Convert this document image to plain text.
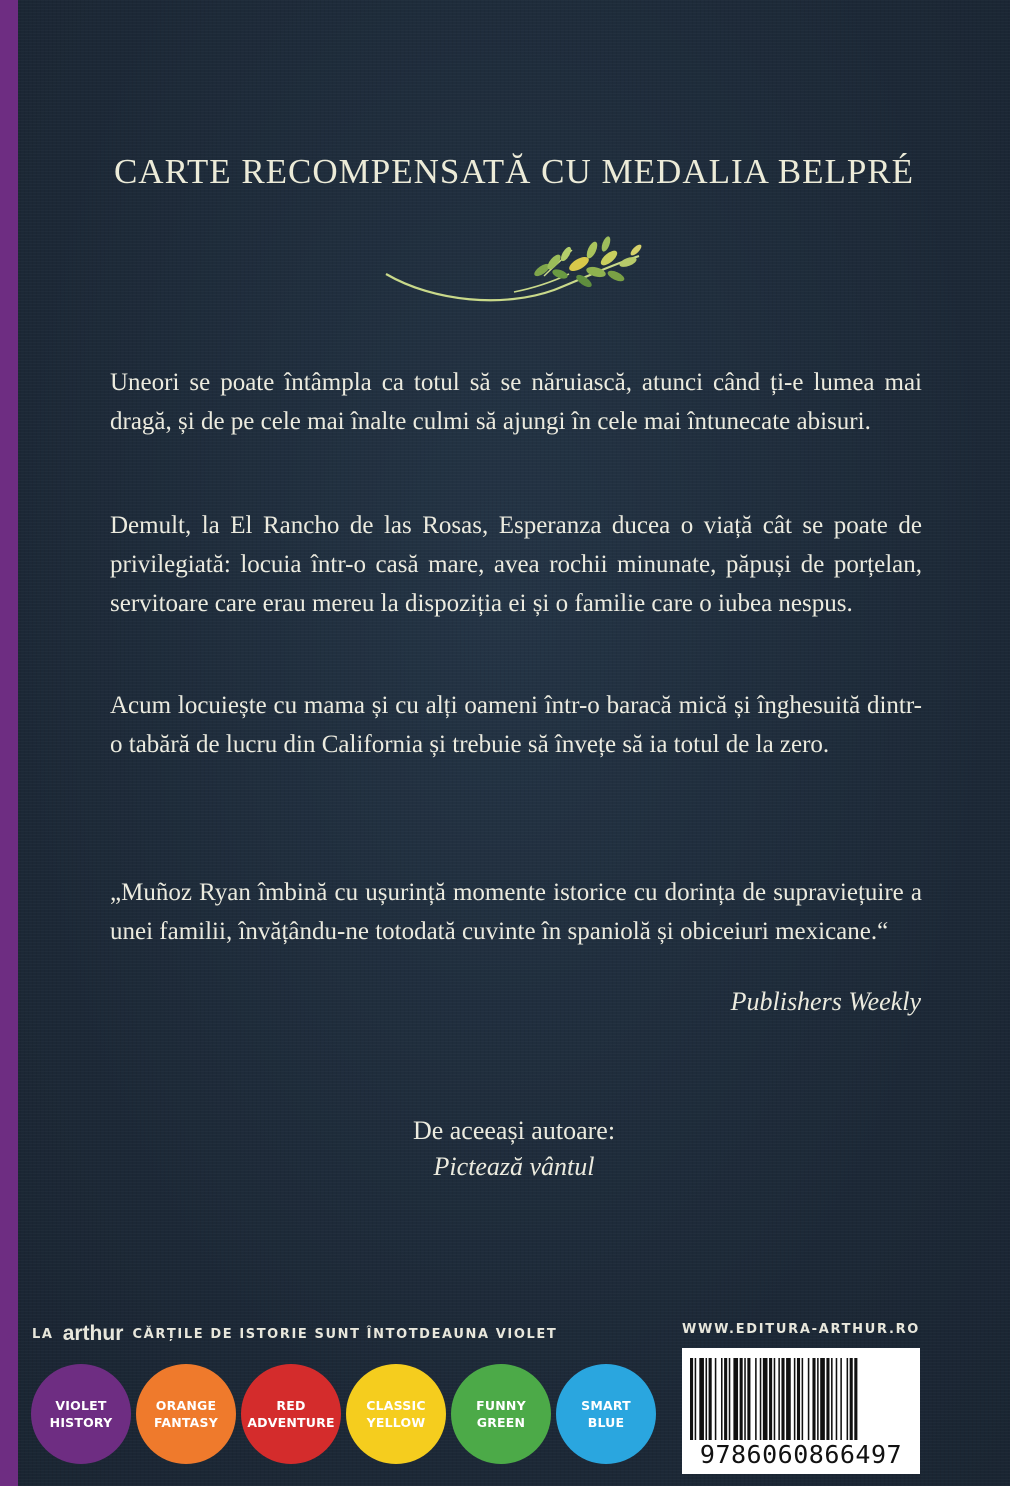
CARTE RECOMPENSATĂ CU MEDALIA BELPRÉ

Uneori se poate întâmpla ca totul să se năruiască, atunci când ți-e lumea mai dragă, și de pe cele mai înalte culmi să ajungi în cele mai întunecate abisuri.

Demult, la El Rancho de las Rosas, Esperanza ducea o viață cât se poate de privilegiată: locuia într-o casă mare, avea rochii minunate, păpuși de porțelan, servitoare care erau mereu la dispoziția ei și o familie care o iubea nespus.

Acum locuiește cu mama și cu alți oameni într-o baracă mică și înghesuită dintr-o tabără de lucru din California și trebuie să învețe să ia totul de la zero.

„Muñoz Ryan îmbină cu ușurință momente istorice cu dorința de supraviețuire a unei familii, învățându-ne totodată cuvinte în spaniolă și obiceiuri mexicane.“

Publishers Weekly
De aceeași autoare:
Pictează vântul
LA arthur CĂRȚILE DE ISTORIE SUNT ÎNTOTDEAUNA VIOLET	WWW.EDITURA-ARTHUR.RO
VIOLET
HISTORY
ORANGE
FANTASY
RED
ADVENTURE
CLASSIC
YELLOW
FUNNY
GREEN
SMART
BLUE
9786060866497
